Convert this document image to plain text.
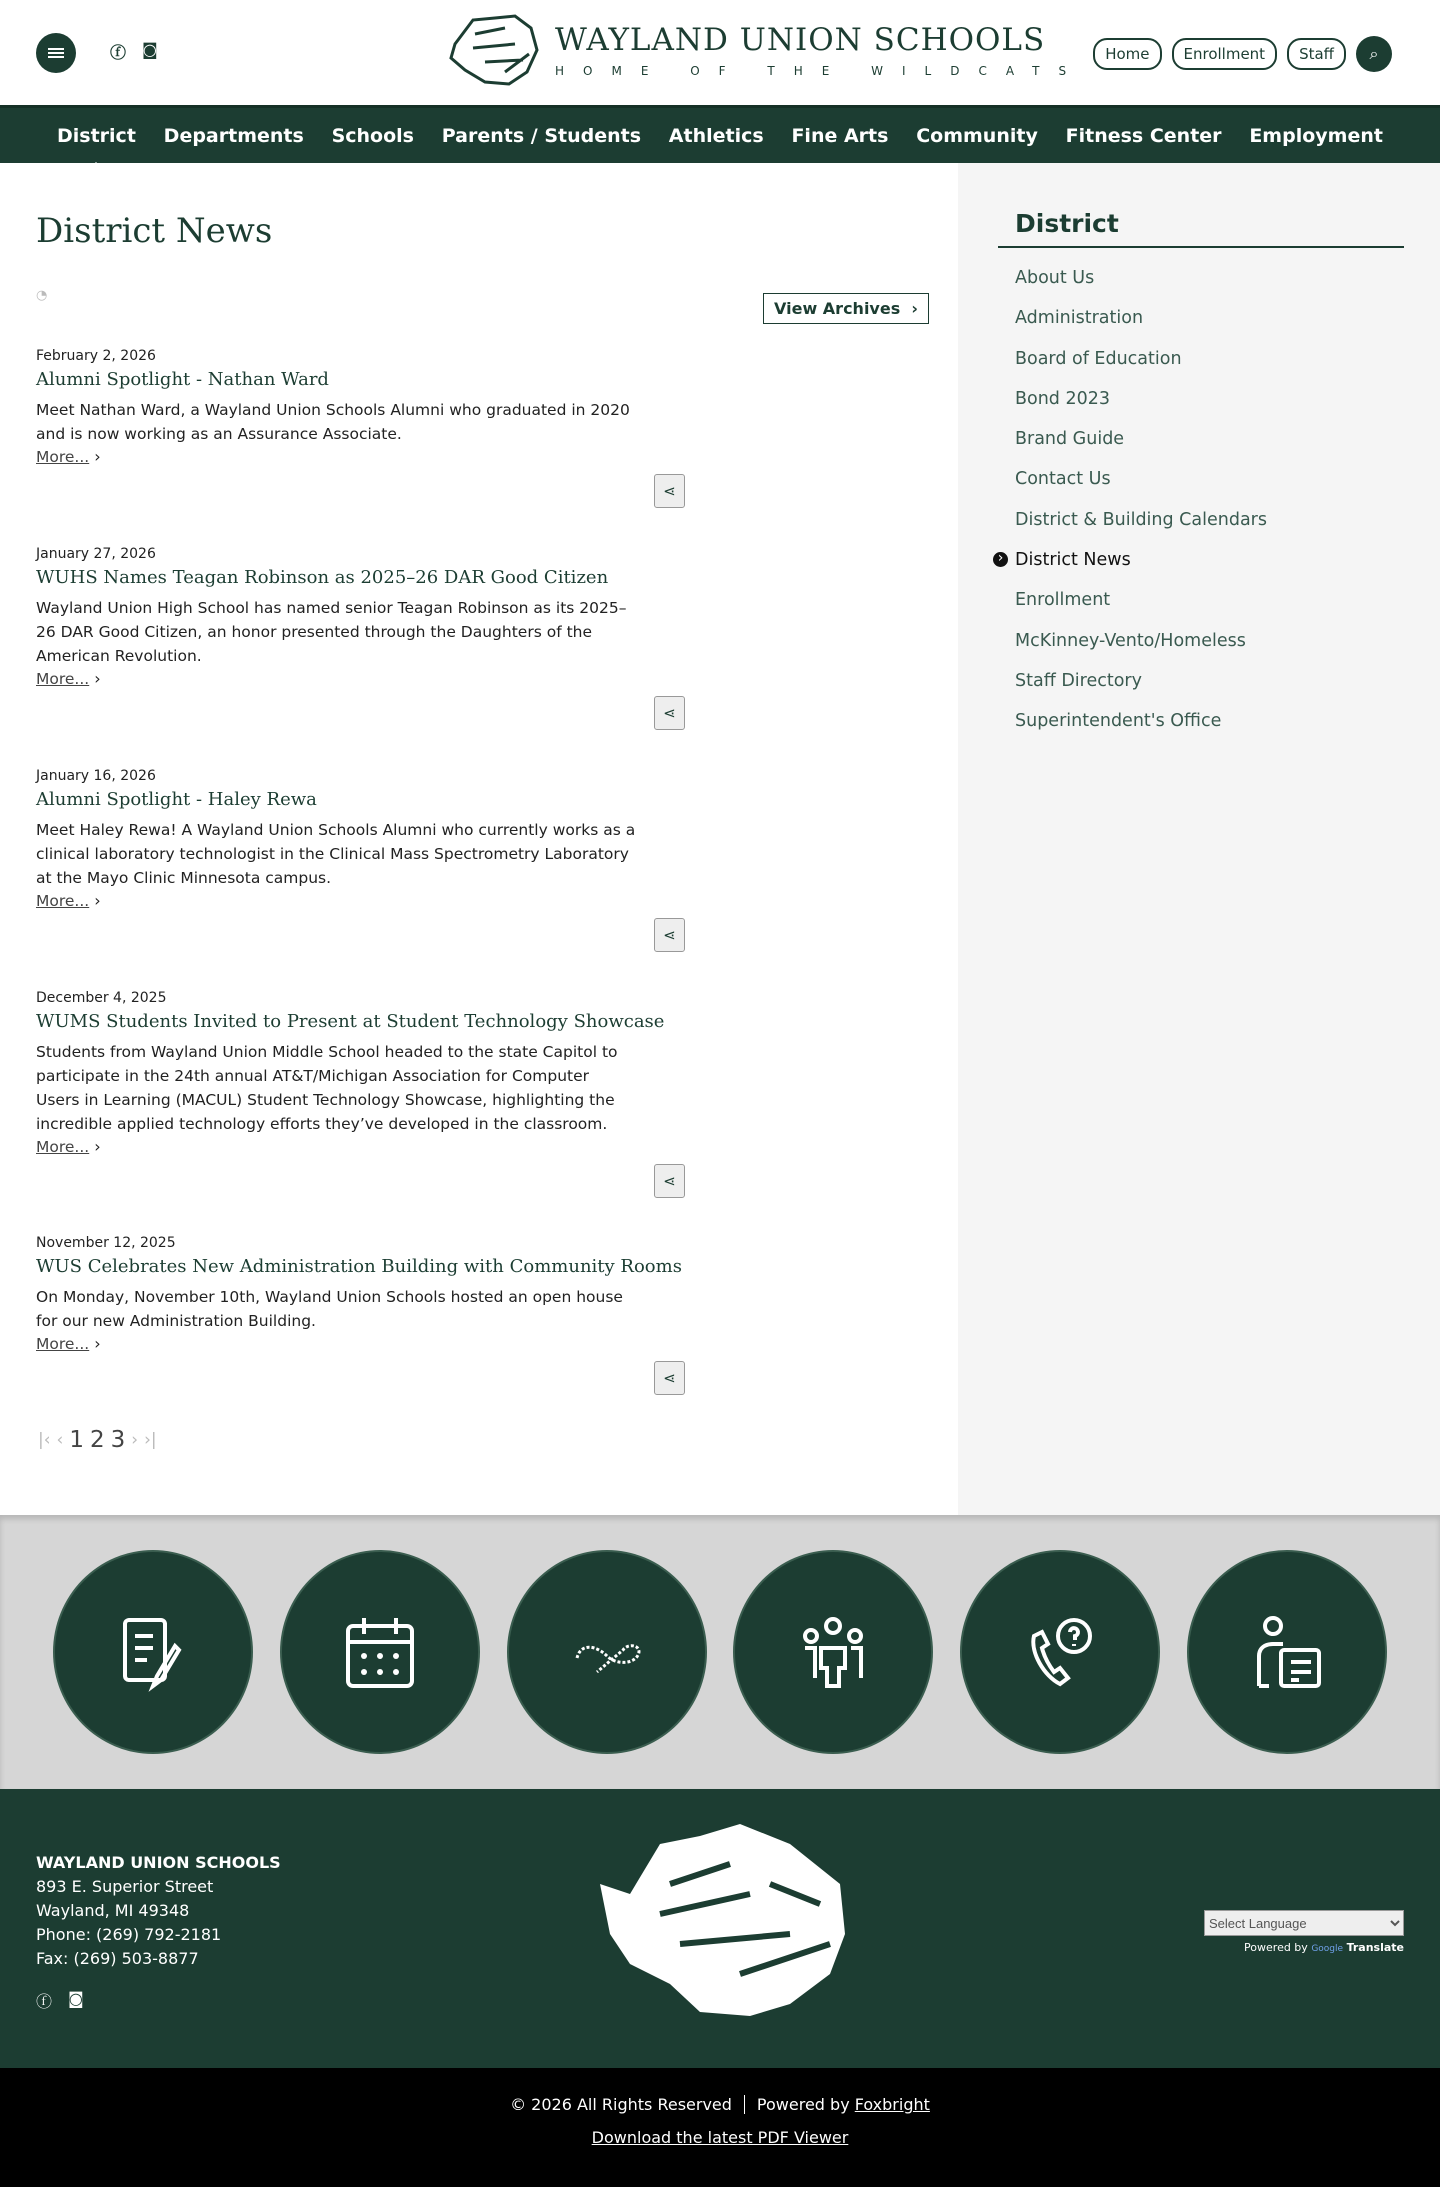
ⓕ ◙	WAYLAND UNION SCHOOLS
HOME OF THE WILDCATS
Home	Enrollment	Staff	⌕
District Departments Schools Parents / Students Athletics Fine Arts Community Fitness Center Employment
District News
◔
View Archives  ›
February 2, 2026
Alumni Spotlight - Nathan Ward
Meet Nathan Ward, a Wayland Union Schools Alumni who graduated in 2020 and is now working as an Assurance Associate.
More... ›
⋖
January 27, 2026
WUHS Names Teagan Robinson as 2025–26 DAR Good Citizen
Wayland Union High School has named senior Teagan Robinson as its 2025–26 DAR Good Citizen, an honor presented through the Daughters of the American Revolution.
More... ›
⋖
January 16, 2026
Alumni Spotlight - Haley Rewa
Meet Haley Rewa! A Wayland Union Schools Alumni who currently works as a clinical laboratory technologist in the Clinical Mass Spectrometry Laboratory at the Mayo Clinic Minnesota campus.
More... ›
⋖
December 4, 2025
WUMS Students Invited to Present at Student Technology Showcase
Students from Wayland Union Middle School headed to the state Capitol to participate in the 24th annual AT&T/Michigan Association for Computer Users in Learning (MACUL) Student Technology Showcase, highlighting the incredible applied technology efforts they’ve developed in the classroom.
More... ›
⋖
November 12, 2025
WUS Celebrates New Administration Building with Community Rooms
On Monday, November 10th, Wayland Union Schools hosted an open house for our new Administration Building.
More... ›
⋖
|‹ ‹ 1 2 3 › ›|
District
About Us
Administration
Board of Education
Bond 2023
Brand Guide
Contact Us
District & Building Calendars
› District News
Enrollment
McKinney-Vento/Homeless
Staff Directory
Superintendent's Office
WAYLAND UNION SCHOOLS
893 E. Superior Street
Wayland, MI 49348
Phone: (269) 792-2181
Fax: (269) 503-8877
ⓕ ◙
Select Language
Powered by Google Translate
© 2026 All Rights Reserved Powered by Foxbright
Download the latest PDF Viewer
